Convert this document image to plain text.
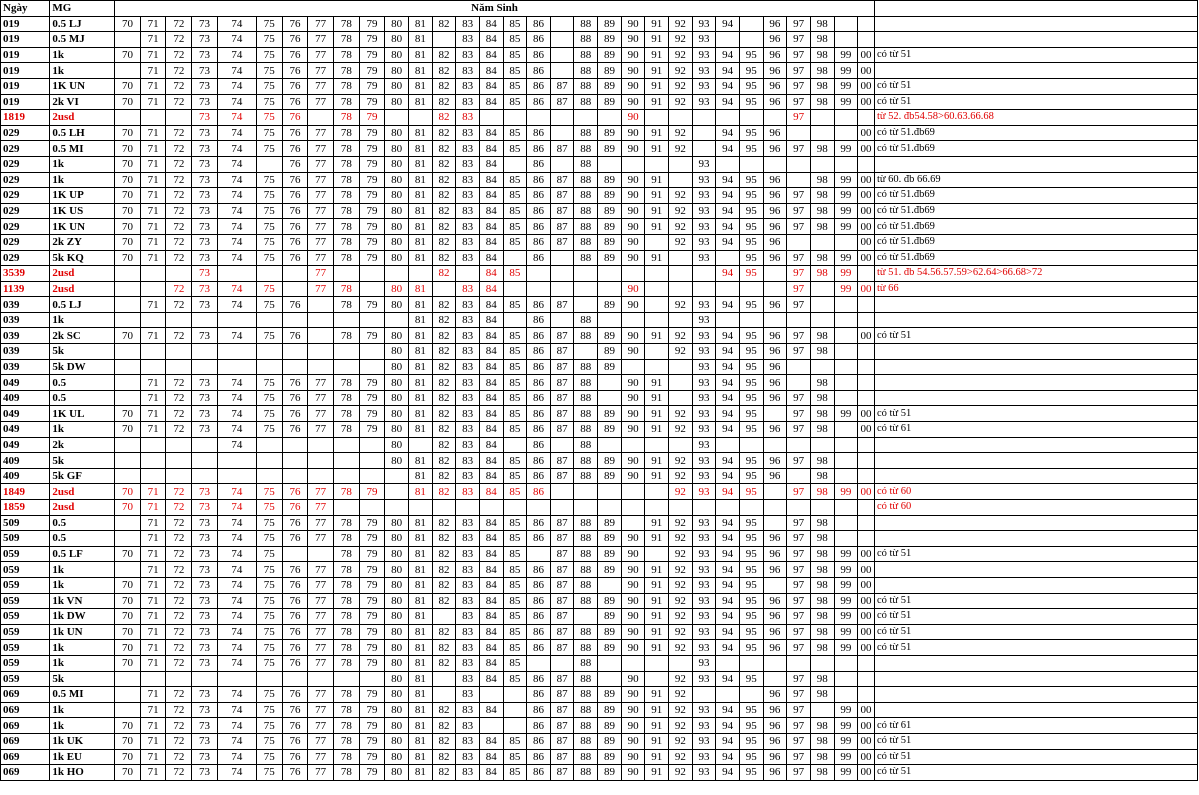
Ngày	MG	Năm Sinh																															
019	0.5 LJ	70	71	72	73	74	75	76	77	78	79	80	81	82	83	84	85	86		88	89	90	91	92	93	94		96	97	98			
019	0.5 MJ		71	72	73	74	75	76	77	78	79	80	81		83	84	85	86		88	89	90	91	92	93			96	97	98			
019	1k	70	71	72	73	74	75	76	77	78	79	80	81	82	83	84	85	86		88	89	90	91	92	93	94	95	96	97	98	99	00	có từ 51
019	1k		71	72	73	74	75	76	77	78	79	80	81	82	83	84	85	86		88	89	90	91	92	93	94	95	96	97	98	99	00	
019	1K UN	70	71	72	73	74	75	76	77	78	79	80	81	82	83	84	85	86	87	88	89	90	91	92	93	94	95	96	97	98	99	00	có từ 51
019	2k VI	70	71	72	73	74	75	76	77	78	79	80	81	82	83	84	85	86	87	88	89	90	91	92	93	94	95	96	97	98	99	00	có từ 51
1819	2usd				73	74	75	76		78	79			82	83							90							97				từ 52. đb54.58>60.63.66.68
029	0.5 LH	70	71	72	73	74	75	76	77	78	79	80	81	82	83	84	85	86		88	89	90	91	92		94	95	96				00	có từ 51.đb69
029	0.5 MI	70	71	72	73	74	75	76	77	78	79	80	81	82	83	84	85	86	87	88	89	90	91	92		94	95	96	97	98	99	00	có từ 51.đb69
029	1k	70	71	72	73	74		76	77	78	79	80	81	82	83	84		86		88					93								
029	1k	70	71	72	73	74	75	76	77	78	79	80	81	82	83	84	85	86	87	88	89	90	91		93	94	95	96		98	99	00	từ 60. đb 66.69
029	1K UP	70	71	72	73	74	75	76	77	78	79	80	81	82	83	84	85	86	87	88	89	90	91	92	93	94	95	96	97	98	99	00	có từ 51.đb69
029	1K US	70	71	72	73	74	75	76	77	78	79	80	81	82	83	84	85	86	87	88	89	90	91	92	93	94	95	96	97	98	99	00	có từ 51.đb69
029	1K UN	70	71	72	73	74	75	76	77	78	79	80	81	82	83	84	85	86	87	88	89	90	91	92	93	94	95	96	97	98	99	00	có từ 51.đb69
029	2k ZY	70	71	72	73	74	75	76	77	78	79	80	81	82	83	84	85	86	87	88	89	90		92	93	94	95	96				00	có từ 51.đb69
029	5k KQ	70	71	72	73	74	75	76	77	78	79	80	81	82	83	84		86		88	89	90	91		93		95	96	97	98	99	00	có từ 51.đb69
3539	2usd				73				77					82		84	85									94	95		97	98	99		từ 51. đb 54.56.57.59>62.64>66.68>72
1139	2usd			72	73	74	75		77	78		80	81		83	84						90							97		99	00	từ 66
039	0.5 LJ		71	72	73	74	75	76		78	79	80	81	82	83	84	85	86	87		89	90		92	93	94	95	96	97				
039	1k												81	82	83	84		86		88					93								
039	2k SC	70	71	72	73	74	75	76		78	79	80	81	82	83	84	85	86	87	88	89	90	91	92	93	94	95	96	97	98		00	có từ 51
039	5k											80	81	82	83	84	85	86	87		89	90		92	93	94	95	96	97	98			
039	5k DW											80	81	82	83	84	85	86	87	88	89				93	94	95	96					
049	0.5		71	72	73	74	75	76	77	78	79	80	81	82	83	84	85	86	87	88		90	91		93	94	95	96		98			
409	0.5		71	72	73	74	75	76	77	78	79	80	81	82	83	84	85	86	87	88		90	91		93	94	95	96	97	98			
049	1K UL	70	71	72	73	74	75	76	77	78	79	80	81	82	83	84	85	86	87	88	89	90	91	92	93	94	95		97	98	99	00	có từ 51
049	1k	70	71	72	73	74	75	76	77	78	79	80	81	82	83	84	85	86	87	88	89	90	91	92	93	94	95	96	97	98		00	có từ 61
049	2k					74						80		82	83	84		86		88					93								
409	5k											80	81	82	83	84	85	86	87	88	89	90	91	92	93	94	95	96	97	98			
409	5k GF												81	82	83	84	85	86	87	88	89	90	91	92	93	94	95	96		98			
1849	2usd	70	71	72	73	74	75	76	77	78	79		81	82	83	84	85	86						92	93	94	95		97	98	99	00	có từ 60
1859	2usd	70	71	72	73	74	75	76	77																								có từ 60
509	0.5		71	72	73	74	75	76	77	78	79	80	81	82	83	84	85	86	87	88	89		91	92	93	94	95		97	98			
509	0.5		71	72	73	74	75	76	77	78	79	80	81	82	83	84	85	86	87	88	89	90	91	92	93	94	95	96	97	98			
059	0.5 LF	70	71	72	73	74	75			78	79	80	81	82	83	84	85		87	88	89	90		92	93	94	95	96	97	98	99	00	có từ 51
059	1k		71	72	73	74	75	76	77	78	79	80	81	82	83	84	85	86	87	88	89	90	91	92	93	94	95	96	97	98	99	00	
059	1k	70	71	72	73	74	75	76	77	78	79	80	81	82	83	84	85	86	87	88		90	91	92	93	94	95		97	98	99	00	
059	1k VN	70	71	72	73	74	75	76	77	78	79	80	81	82	83	84	85	86	87	88	89	90	91	92	93	94	95	96	97	98	99	00	có từ 51
059	1k DW	70	71	72	73	74	75	76	77	78	79	80	81		83	84	85	86	87		89	90	91	92	93	94	95	96	97	98	99	00	có từ 51
059	1k UN	70	71	72	73	74	75	76	77	78	79	80	81	82	83	84	85	86	87	88	89	90	91	92	93	94	95	96	97	98	99	00	có từ 51
059	1k	70	71	72	73	74	75	76	77	78	79	80	81	82	83	84	85	86	87	88	89	90	91	92	93	94	95	96	97	98	99	00	có từ 51
059	1k	70	71	72	73	74	75	76	77	78	79	80	81	82	83	84	85			88					93								
059	5k											80	81		83	84	85	86	87	88		90		92	93	94	95		97	98			
069	0.5 MI		71	72	73	74	75	76	77	78	79	80	81		83			86	87	88	89	90	91	92				96	97	98			
069	1k		71	72	73	74	75	76	77	78	79	80	81	82	83	84		86	87	88	89	90	91	92	93	94	95	96	97		99	00	
069	1k	70	71	72	73	74	75	76	77	78	79	80	81	82	83			86	87	88	89	90	91	92	93	94	95	96	97	98	99	00	có từ 61
069	1k UK	70	71	72	73	74	75	76	77	78	79	80	81	82	83	84	85	86	87	88	89	90	91	92	93	94	95	96	97	98	99	00	có từ 51
069	1k EU	70	71	72	73	74	75	76	77	78	79	80	81	82	83	84	85	86	87	88	89	90	91	92	93	94	95	96	97	98	99	00	có từ 51
069	1k HO	70	71	72	73	74	75	76	77	78	79	80	81	82	83	84	85	86	87	88	89	90	91	92	93	94	95	96	97	98	99	00	có từ 51
